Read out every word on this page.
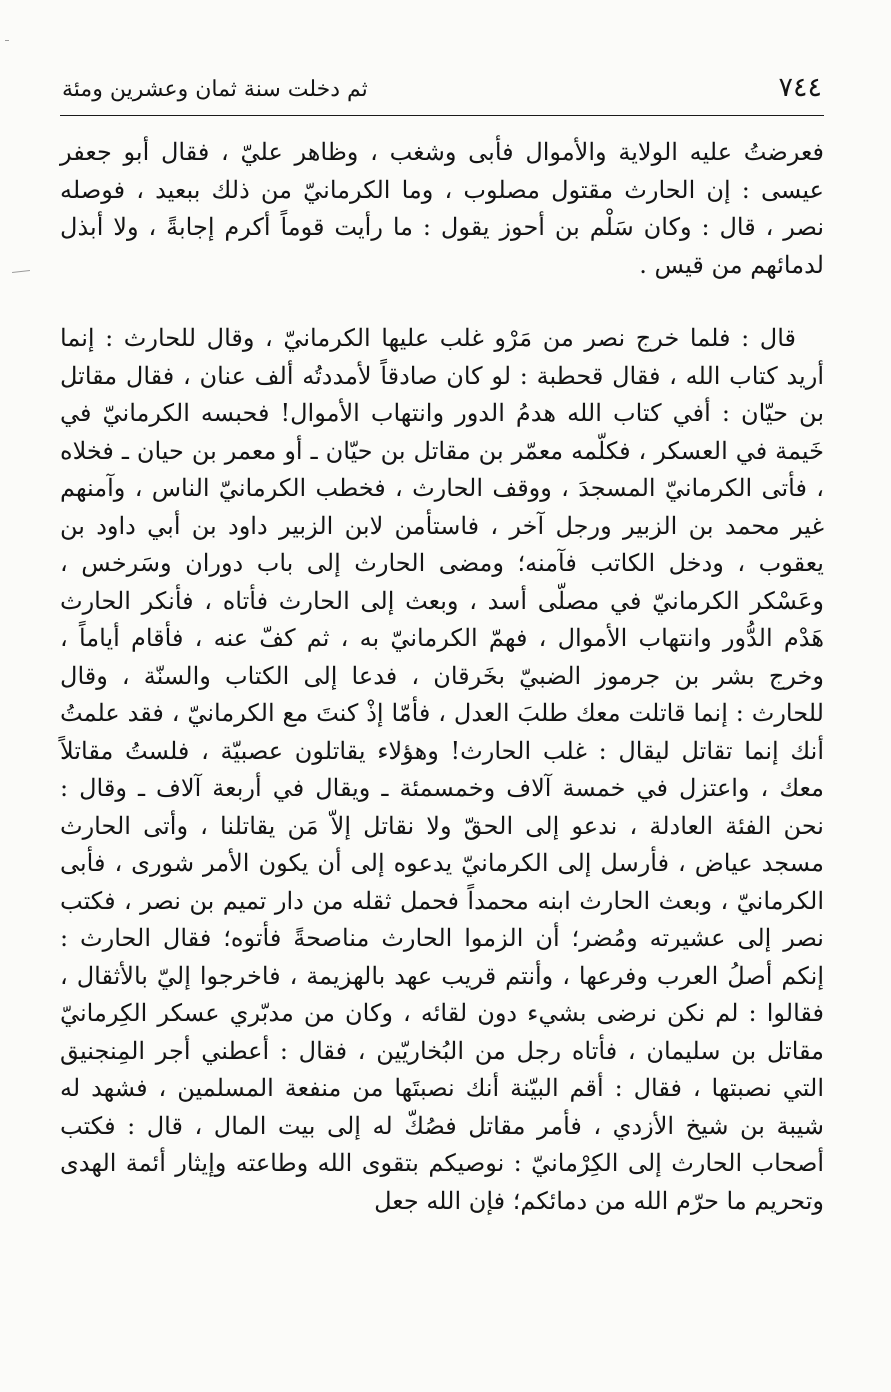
٧٤٤
ثم دخلت سنة ثمان وعشرين ومئة

فعرضتُ عليه الولاية والأموال فأبى وشغب ، وظاهر عليّ ، فقال أبو جعفر عيسى : إن الحارث مقتول مصلوب ، وما الكرمانيّ من ذلك ببعيد ، فوصله نصر ، قال : وكان سَلْم بن أحوز يقول : ما رأيت قوماً أكرم إجابةً ، ولا أبذل لدمائهم من قيس .

قال : فلما خرج نصر من مَرْو غلب عليها الكرمانيّ ، وقال للحارث : إنما أريد كتاب الله ، فقال قحطبة : لو كان صادقاً لأمددتُه ألف عنان ، فقال مقاتل بن حيّان : أفي كتاب الله هدمُ الدور وانتهاب الأموال! فحبسه الكرمانيّ في خَيمة في العسكر ، فكلّمه معمّر بن مقاتل بن حيّان ـ أو معمر بن حيان ـ فخلاه ، فأتى الكرمانيّ المسجدَ ، ووقف الحارث ، فخطب الكرمانيّ الناس ، وآمنهم غير محمد بن الزبير ورجل آخر ، فاستأمن لابن الزبير داود بن أبي داود بن يعقوب ، ودخل الكاتب فآمنه؛ ومضى الحارث إلى باب دوران وسَرخس ، وعَسْكر الكرمانيّ في مصلّى أسد ، وبعث إلى الحارث فأتاه ، فأنكر الحارث هَدْم الدُّور وانتهاب الأموال ، فهمّ الكرمانيّ به ، ثم كفّ عنه ، فأقام أياماً ، وخرج بشر بن جرموز الضبيّ بخَرقان ، فدعا إلى الكتاب والسنّة ، وقال للحارث : إنما قاتلت معك طلبَ العدل ، فأمّا إذْ كنتَ مع الكرمانيّ ، فقد علمتُ أنك إنما تقاتل ليقال : غلب الحارث! وهؤلاء يقاتلون عصبيّة ، فلستُ مقاتلاً معك ، واعتزل في خمسة آلاف وخمسمئة ـ ويقال في أربعة آلاف ـ وقال : نحن الفئة العادلة ، ندعو إلى الحقّ ولا نقاتل إلاّ مَن يقاتلنا ، وأتى الحارث مسجد عياض ، فأرسل إلى الكرمانيّ يدعوه إلى أن يكون الأمر شورى ، فأبى الكرمانيّ ، وبعث الحارث ابنه محمداً فحمل ثقله من دار تميم بن نصر ، فكتب نصر إلى عشيرته ومُضر؛ أن الزموا الحارث مناصحةً فأتوه؛ فقال الحارث : إنكم أصلُ العرب وفرعها ، وأنتم قريب عهد بالهزيمة ، فاخرجوا إليّ بالأثقال ، فقالوا : لم نكن نرضى بشيء دون لقائه ، وكان من مدبّري عسكر الكِرمانيّ مقاتل بن سليمان ، فأتاه رجل من البُخاريّين ، فقال : أعطني أجر المِنجنيق التي نصبتها ، فقال : أقم البيّنة أنك نصبتَها من منفعة المسلمين ، فشهد له شيبة بن شيخ الأزدي ، فأمر مقاتل فصُكّ له إلى بيت المال ، قال : فكتب أصحاب الحارث إلى الكِرْمانيّ : نوصيكم بتقوى الله وطاعته وإيثار أئمة الهدى وتحريم ما حرّم الله من دمائكم؛ فإن الله جعل
